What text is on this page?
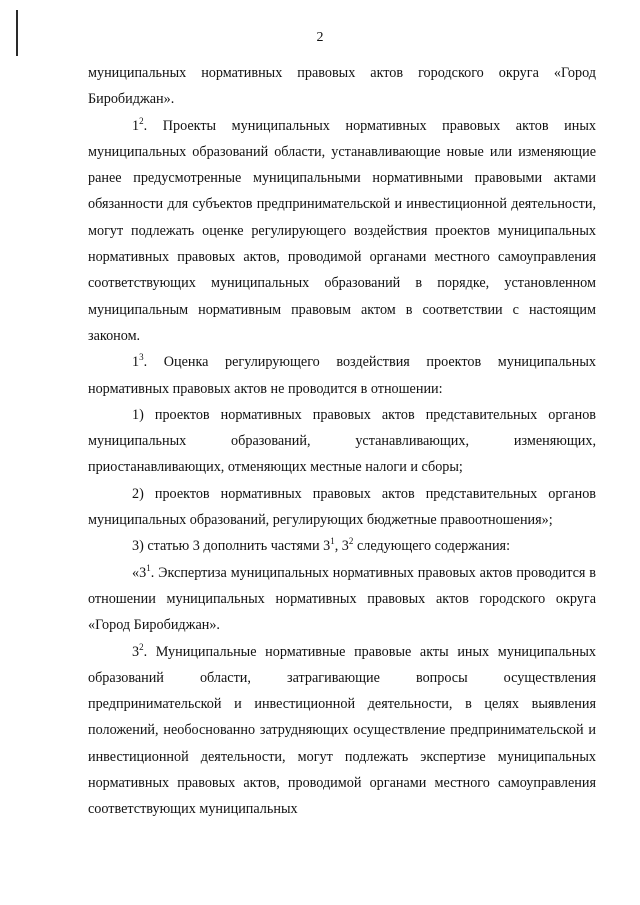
2

муниципальных нормативных правовых актов городского округа «Город Биробиджан».

$1^2$. Проекты муниципальных нормативных правовых актов иных муниципальных образований области, устанавливающие новые или изменяющие ранее предусмотренные муниципальными нормативными правовыми актами обязанности для субъектов предпринимательской и инвестиционной деятельности, могут подлежать оценке регулирующего воздействия проектов муниципальных нормативных правовых актов, проводимой органами местного самоуправления соответствующих муниципальных образований в порядке, установленном муниципальным нормативным правовым актом в соответствии с настоящим законом.

$1^3$. Оценка регулирующего воздействия проектов муниципальных нормативных правовых актов не проводится в отношении:

1) проектов нормативных правовых актов представительных органов муниципальных образований, устанавливающих, изменяющих, приостанавливающих, отменяющих местные налоги и сборы;

2) проектов нормативных правовых актов представительных органов муниципальных образований, регулирующих бюджетные правоотношения»;

3) статью 3 дополнить частями $3^1$, $3^2$ следующего содержания:

«$3^1$. Экспертиза муниципальных нормативных правовых актов проводится в отношении муниципальных нормативных правовых актов городского округа «Город Биробиджан».

$3^2$. Муниципальные нормативные правовые акты иных муниципальных образований области, затрагивающие вопросы осуществления предпринимательской и инвестиционной деятельности, в целях выявления положений, необоснованно затрудняющих осуществление предпринимательской и инвестиционной деятельности, могут подлежать экспертизе муниципальных нормативных правовых актов, проводимой органами местного самоуправления соответствующих муниципальных
